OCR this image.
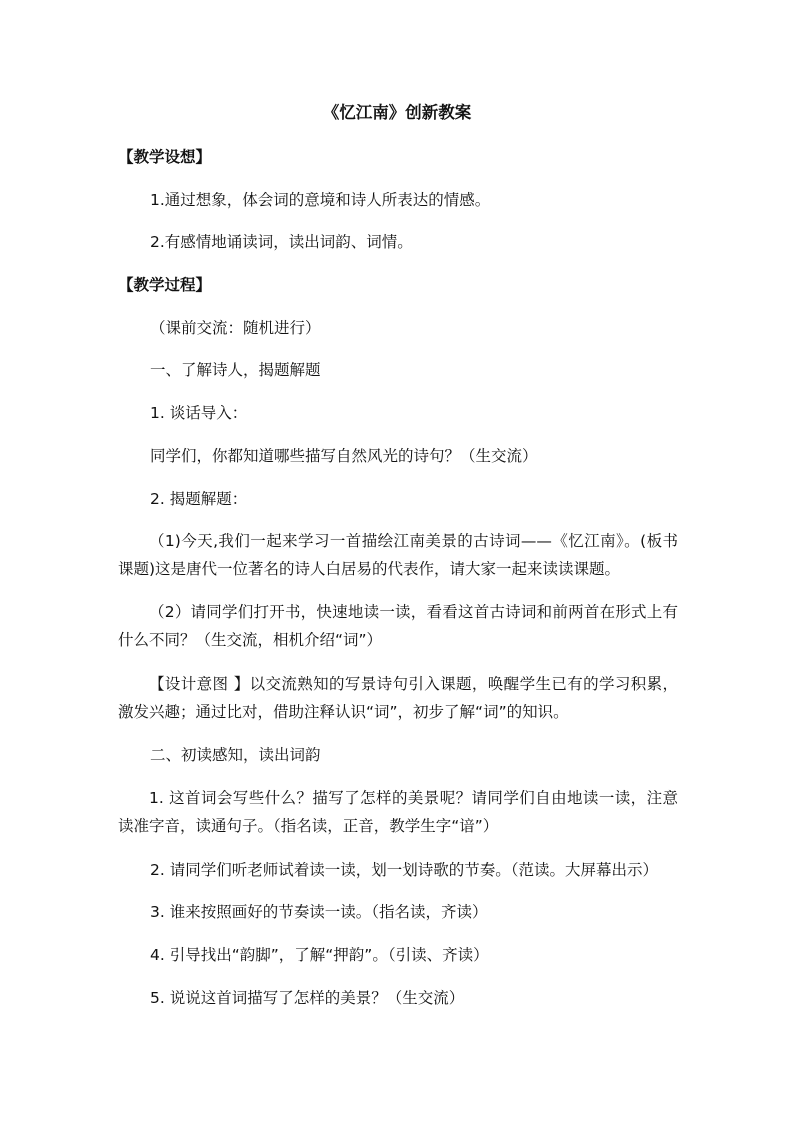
《忆江南》创新教案
【教学设想】
1.通过想象，体会词的意境和诗人所表达的情感。
2.有感情地诵读词，读出词韵、词情。
【教学过程】
（课前交流：随机进行）
一、了解诗人，揭题解题
1. 谈话导入：
同学们，你都知道哪些描写自然风光的诗句？（生交流）
2. 揭题解题：
（1)今天,我们一起来学习一首描绘江南美景的古诗词——《忆江南》。(板书课题)这是唐代一位著名的诗人白居易的代表作，请大家一起来读读课题。
（2）请同学们打开书，快速地读一读，看看这首古诗词和前两首在形式上有什么不同？（生交流，相机介绍“词”）
【设计意图 】以交流熟知的写景诗句引入课题，唤醒学生已有的学习积累，激发兴趣；通过比对，借助注释认识“词”，初步了解“词”的知识。
二、初读感知，读出词韵
1. 这首词会写些什么？描写了怎样的美景呢？请同学们自由地读一读，注意读准字音，读通句子。（指名读，正音，教学生字“谙”）
2. 请同学们听老师试着读一读，划一划诗歌的节奏。（范读。大屏幕出示）
3. 谁来按照画好的节奏读一读。（指名读，齐读）
4. 引导找出“韵脚”，了解“押韵”。（引读、齐读）
5. 说说这首词描写了怎样的美景？（生交流）
